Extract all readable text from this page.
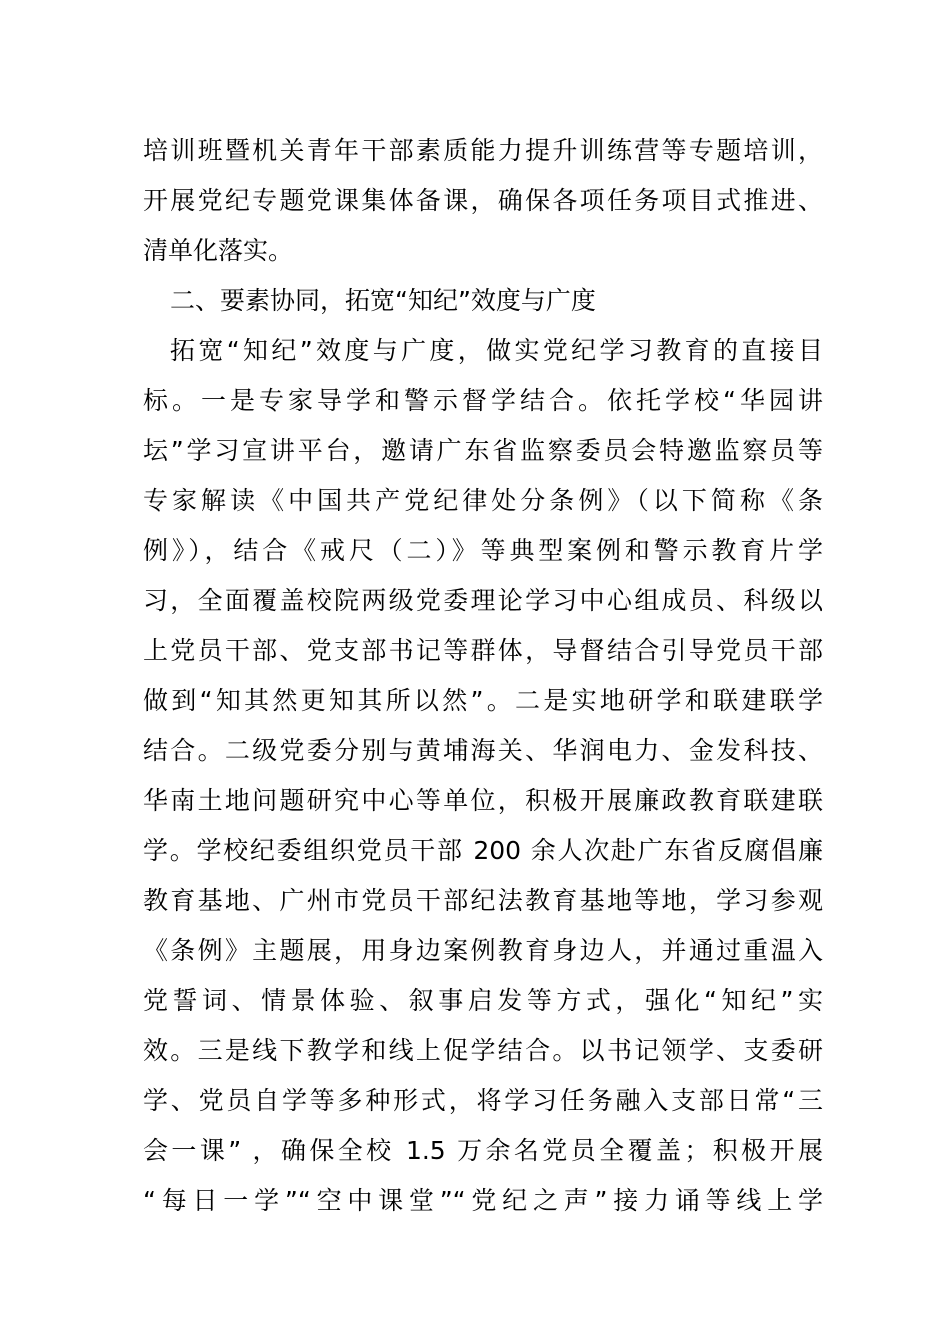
培训班暨机关青年干部素质能力提升训练营等专题培训，
开展党纪专题党课集体备课，确保各项任务项目式推进、
清单化落实。
二、要素协同，拓宽“知纪”效度与广度
拓宽“知纪”效度与广度，做实党纪学习教育的直接目
标。一是专家导学和警示督学结合。依托学校“华园讲
坛”学习宣讲平台，邀请广东省监察委员会特邀监察员等
专家解读《中国共产党纪律处分条例》（以下简称《条
例》），结合《戒尺（二）》等典型案例和警示教育片学
习，全面覆盖校院两级党委理论学习中心组成员、科级以
上党员干部、党支部书记等群体，导督结合引导党员干部
做到“知其然更知其所以然”。二是实地研学和联建联学
结合。二级党委分别与黄埔海关、华润电力、金发科技、
华南土地问题研究中心等单位，积极开展廉政教育联建联
学。学校纪委组织党员干部 200 余人次赴广东省反腐倡廉
教育基地、广州市党员干部纪法教育基地等地，学习参观
《条例》主题展，用身边案例教育身边人，并通过重温入
党誓词、情景体验、叙事启发等方式，强化“知纪”实
效。三是线下教学和线上促学结合。以书记领学、支委研
学、党员自学等多种形式，将学习任务融入支部日常“三
会一课” ，确保全校 1.5 万余名党员全覆盖；积极开展
“每日一学”“空中课堂”“党纪之声”接力诵等线上学
